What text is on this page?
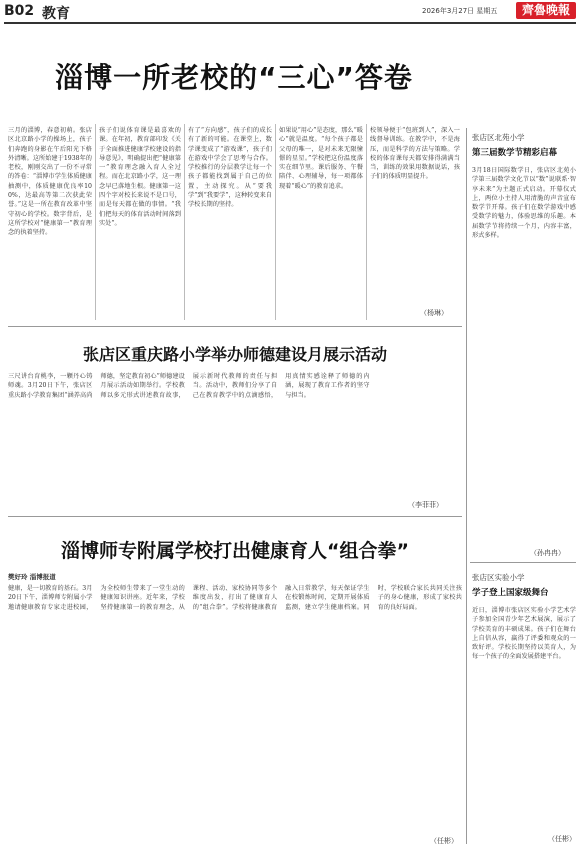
B02 教育	2026年3月27日 星期五	齊魯晚報
淄博一所老校的“三心”答卷
三月的淄博，春意初萌。张店区北京路小学的操场上，孩子们奔跑的身影在午后阳光下格外清晰。这所始建于1938年的老校，刚刚交出了一份不寻常的答卷：“淄博市学生体质健康抽测中，体质健康优良率100%，达最高等第二次获此荣誉。”这是一所在教育改革中坚守初心的学校。数字背后，是这所学校对“健康第一”教育理念的执着坚持。
孩子们说体育课是最喜欢的课。在年初，教育部印发《关于全面推进健康学校建设的指导意见》，明确提出把“健康第一”教育理念融入育人全过程。而在北京路小学，这一理念早已落地生根。健康第一这四个字对校长来说不是口号，而是每天都在做的事情。“我们把每天的体育活动时间落到实处”。
有了“方向感”，孩子们的成长有了新的可能。在课堂上，数学课变成了“游戏课”，孩子们在游戏中学会了思考与合作。学校推行的分层教学让每一个孩子都能找到属于自己的位置，主动探究。从“要我学”到“我要学”，这种转变来自学校长期的坚持。
如果说“用心”是态度，那么“暖心”就是温度。“每个孩子都是父母的唯一，是对未来无限憧憬的星星。”学校把这份温度落实在细节里。课后服务、午餐陪伴、心理辅导，每一项都体现着“暖心”的教育追求。
校领导便于“包班到人”，深入一线督导训练。在教学中，不是海压，而是科学的方法与策略。学校的体育课每天都安排得满满当当，训练的效果用数据说话，孩子们的体质明显提升。
（杨琳）
张店区北苑小学
第三届数学节精彩启幕
3月18日国际数学日，张店区北苑小学第三届数学文化节以“数”说联系·智享未来”为主题正式启动。开幕仪式上，两位小主持人用清脆的声音宣布数学节开幕。孩子们在数学游戏中感受数学的魅力，体验思维的乐趣。本届数学节将持续一个月，内容丰富，形式多样。
（孙冉冉）
张店区实验小学
学子登上国家级舞台
近日，淄博市张店区实验小学艺术学子参加全国青少年艺术展演，展示了学校美育的丰硕成果。孩子们在舞台上自信从容，赢得了评委和观众的一致好评。学校长期坚持以美育人，为每一个孩子的全面发展搭建平台。
（任彬）
张店区重庆路小学举办师德建设月展示活动
三尺讲台育桃李，一颗丹心铸师魂。3月20日下午，张店区重庆路小学教育集团“涵养高尚师德，坚定教育初心”师德建设月展示活动如期举行。学校教师以多元形式讲述教育故事，展示新时代教师的责任与担当。活动中，教师们分享了自己在教育教学中的点滴感悟，用真情实感诠释了师德的内涵，展现了教育工作者的坚守与担当。
（李菲菲）
淄博师专附属学校打出健康育人“组合拳”
樊好玲 淄博报道
健康，是一切教育的基石。3月20日下午，淄博师专附属小学邀请健康教育专家走进校园，为全校师生带来了一堂生动的健康知识讲座。近年来，学校坚持健康第一的教育理念，从课程、活动、家校协同等多个维度出发，打出了健康育人的“组合拳”。学校将健康教育融入日常教学，每天保证学生在校锻炼时间，定期开展体质监测，建立学生健康档案。同时，学校联合家长共同关注孩子的身心健康，形成了家校共育的良好局面。
（任彬）
